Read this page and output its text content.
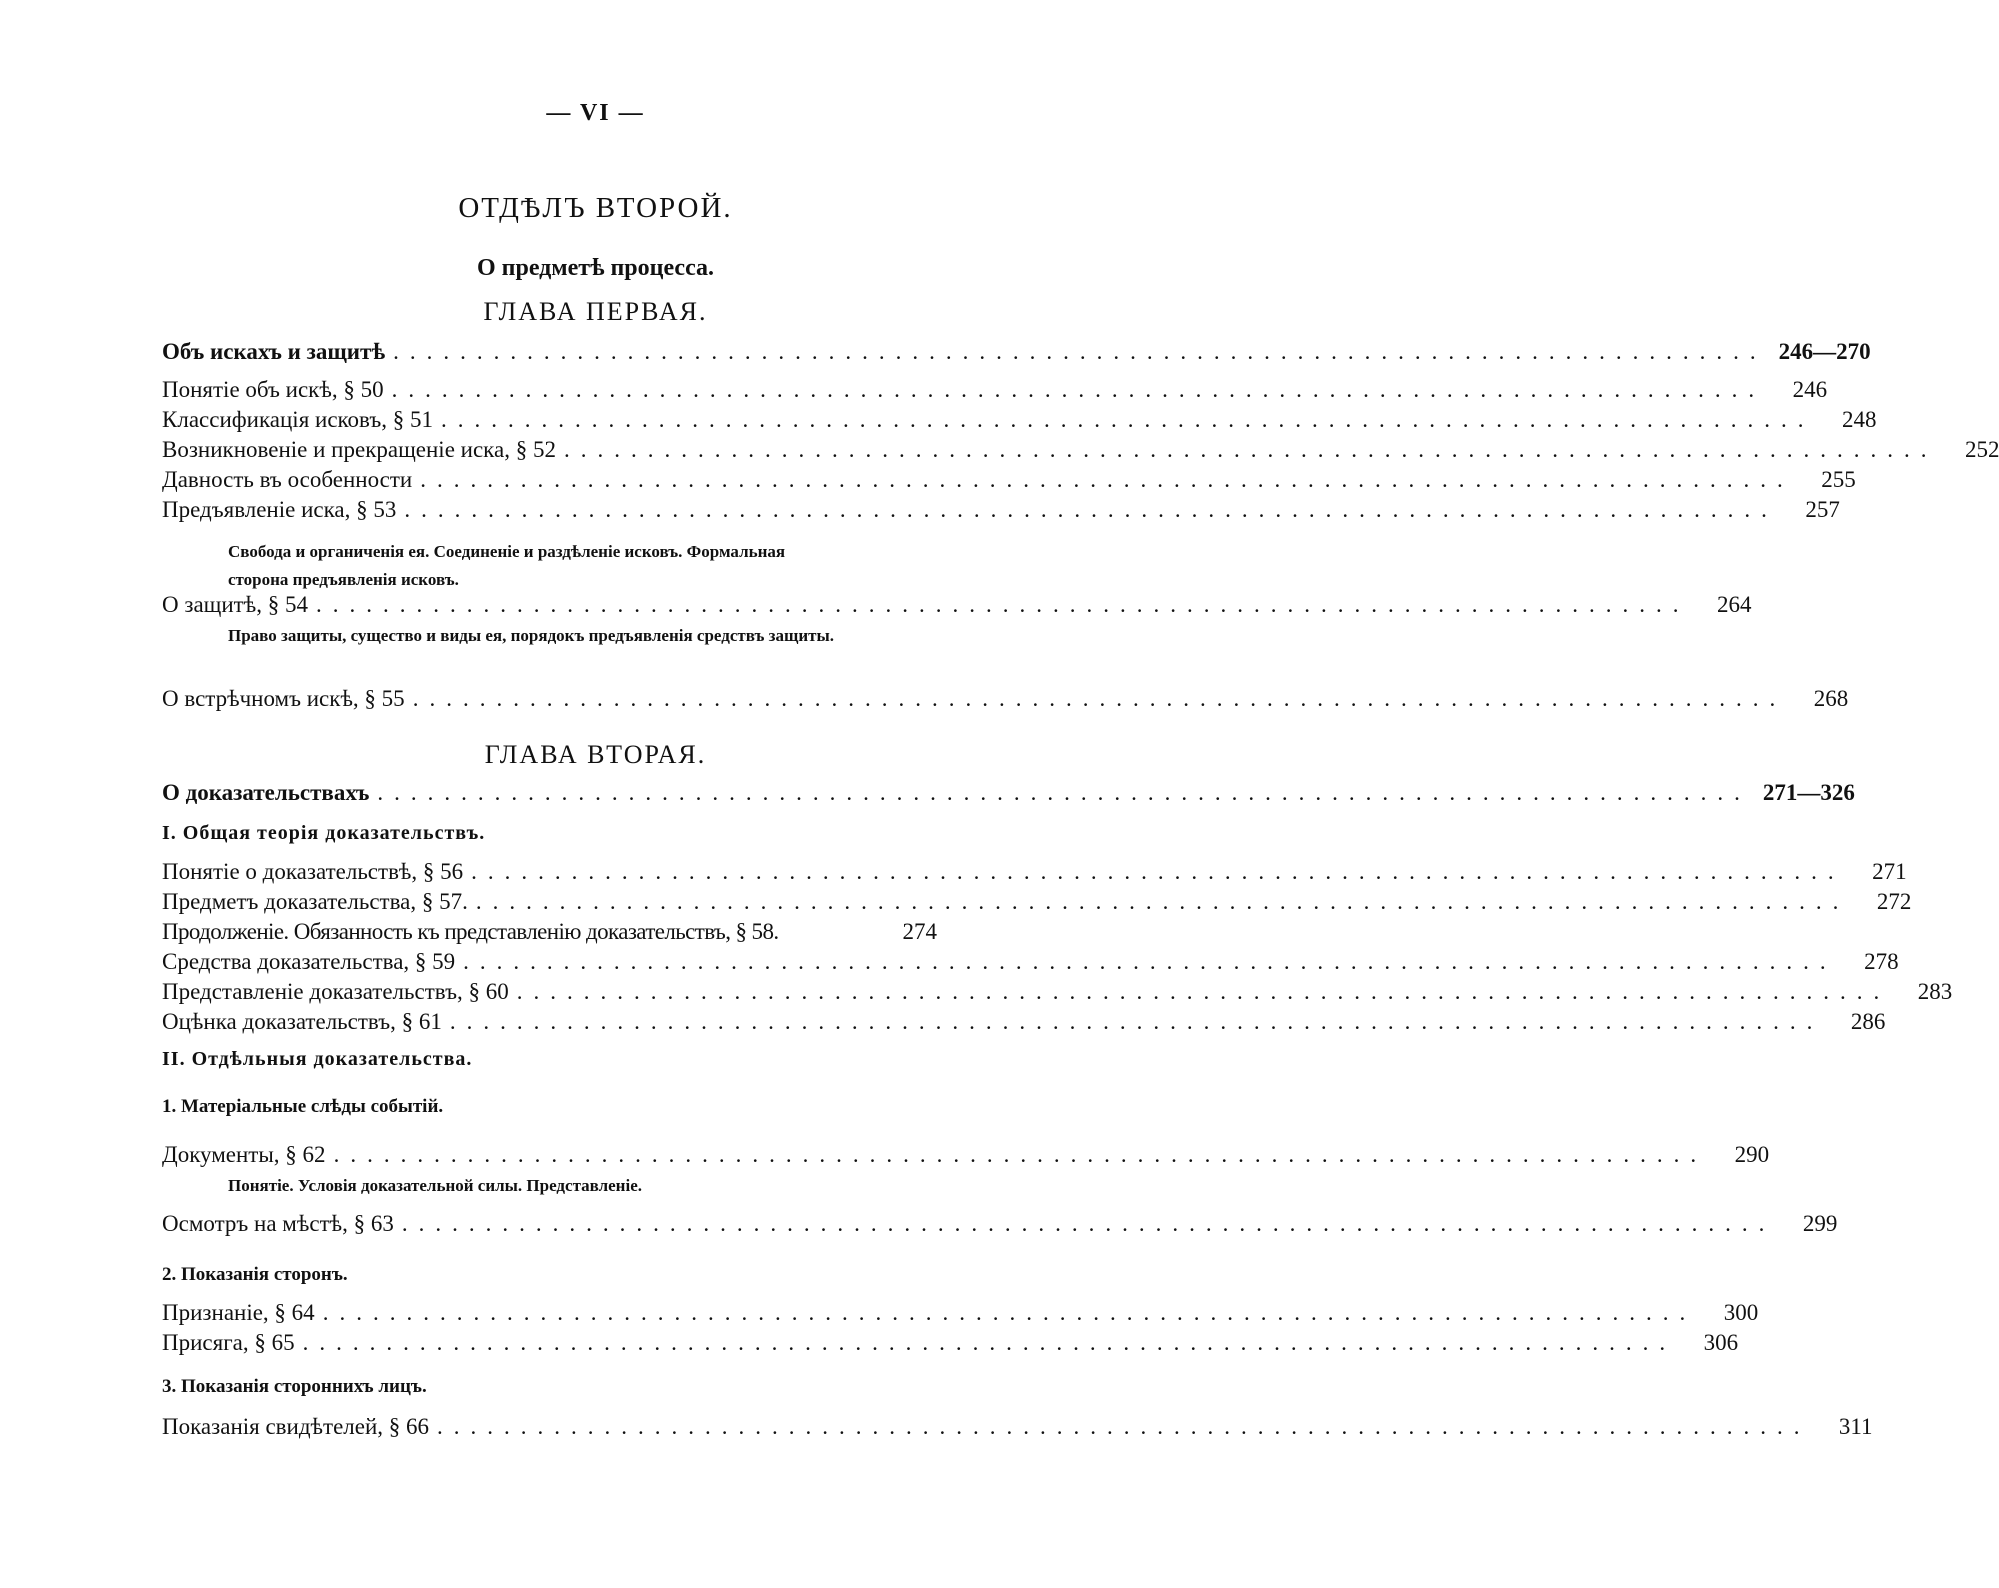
— VI —
ОТДѢЛЪ ВТОРОЙ.
О предметѣ процесса.
ГЛАВА ПЕРВАЯ.
Объ искахъ и защитѣ .................................................................................. 246—270
Понятіе объ искѣ, § 50 ..................................................................................	246
Классификація исковъ, § 51 ..................................................................................	248
Возникновеніе и прекращеніе иска, § 52 ..................................................................................	252
Давность въ особенности ..................................................................................	255
Предъявленіе иска, § 53 ..................................................................................	257
Свобода и органиченія ея. Соединеніе и раздѣленіе исковъ. Формальная сторона предъявленія исковъ.
О защитѣ, § 54 ..................................................................................	264
Право защиты, существо и виды ея, порядокъ предъявленія средствъ защиты.
О встрѣчномъ искѣ, § 55 ..................................................................................	268
ГЛАВА ВТОРАЯ.
О доказательствахъ .................................................................................. 271—326
I. Общая теорія доказательствъ.
Понятіе о доказательствѣ, § 56 ..................................................................................	271
Предметъ доказательства, § 57. ..................................................................................	272
Продолженіе. Обязанность къ представленію доказательствъ, § 58.	274
Средства доказательства, § 59 ..................................................................................	278
Представленіе доказательствъ, § 60 ..................................................................................	283
Оцѣнка доказательствъ, § 61 ..................................................................................	286
II. Отдѣльныя доказательства.
1. Матеріальные слѣды событій.
Документы, § 62 ..................................................................................	290
Понятіе. Условія доказательной силы. Представленіе.
Осмотръ на мѣстѣ, § 63 ..................................................................................	299
2. Показанія сторонъ.
Признаніе, § 64 ..................................................................................	300
Присяга, § 65 ..................................................................................	306
3. Показанія стороннихъ лицъ.
Показанія свидѣтелей, § 66 ..................................................................................	311
